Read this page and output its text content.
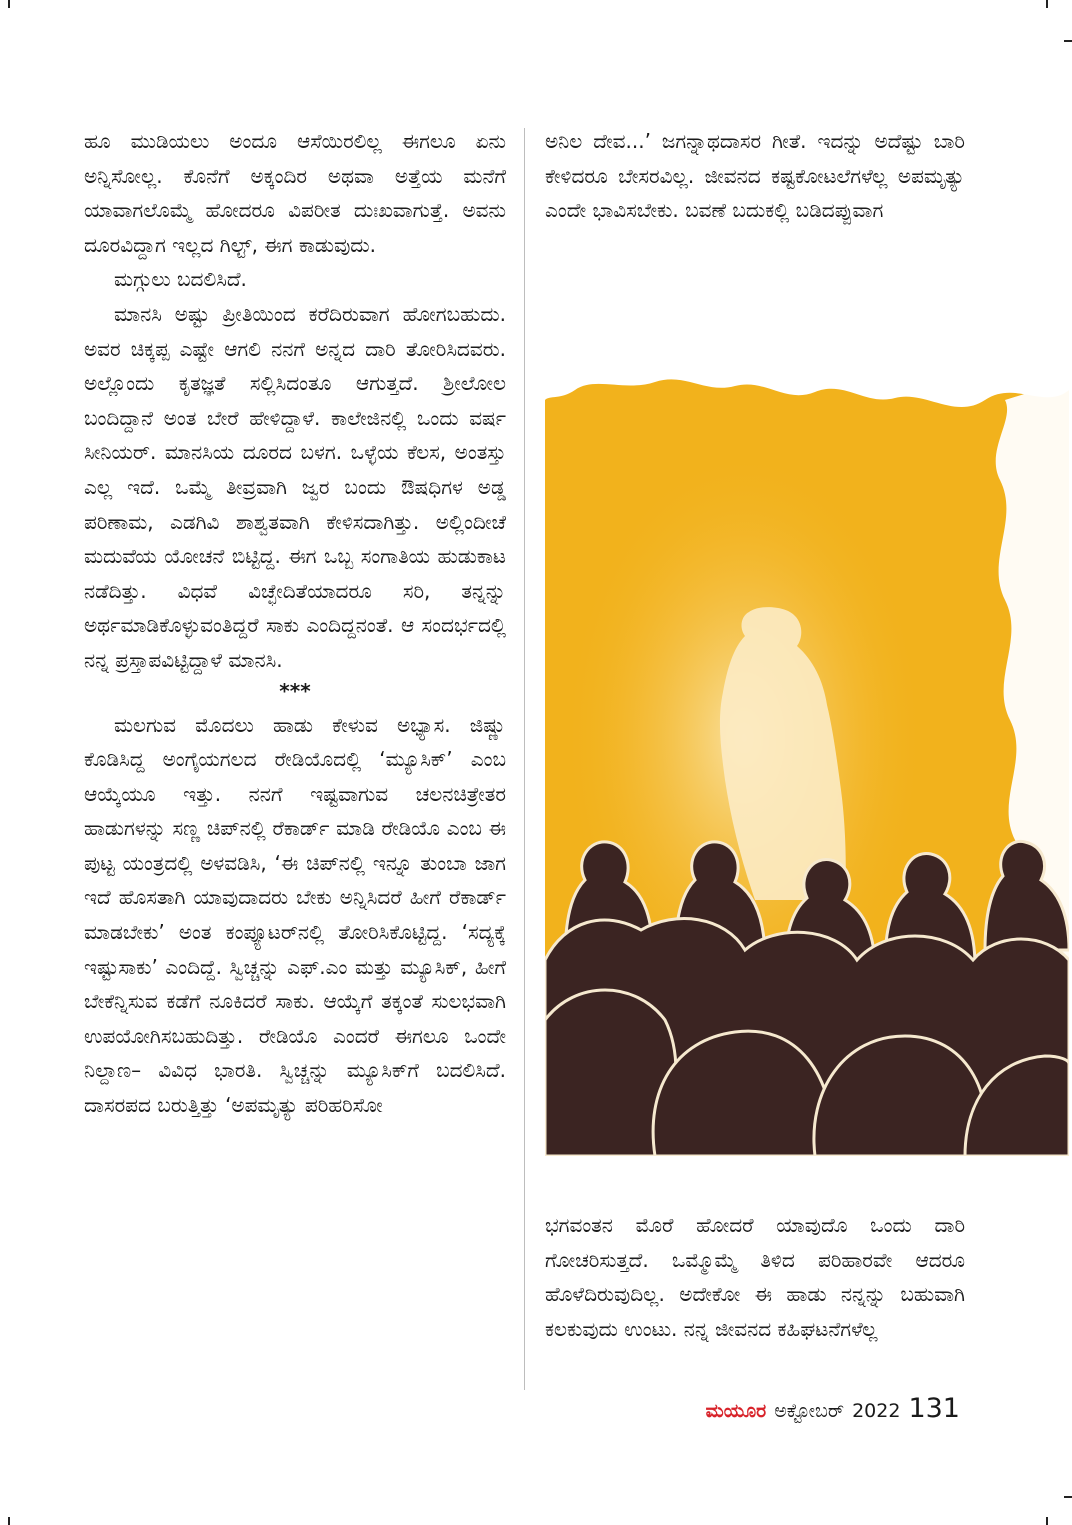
ಹೂ ಮುಡಿಯಲು ಅಂದೂ ಆಸೆಯಿರಲಿಲ್ಲ ಈಗಲೂ ಏನು ಅನ್ನಿಸೋಲ್ಲ. ಕೊನೆಗೆ ಅಕ್ಕಂದಿರ ಅಥವಾ ಅತ್ತೆಯ ಮನೆಗೆ ಯಾವಾಗಲೊಮ್ಮೆ ಹೋದರೂ ವಿಪರೀತ ದುಃಖವಾಗುತ್ತೆ. ಅವನು ದೂರವಿದ್ದಾಗ ಇಲ್ಲದ ಗಿಲ್ಟ್, ಈಗ ಕಾಡುವುದು.

ಮಗ್ಗುಲು ಬದಲಿಸಿದೆ.

ಮಾನಸಿ ಅಷ್ಟು ಪ್ರೀತಿಯಿಂದ ಕರೆದಿರುವಾಗ ಹೋಗಬಹುದು. ಅವರ ಚಿಕ್ಕಪ್ಪ ಎಷ್ಟೇ ಆಗಲಿ ನನಗೆ ಅನ್ನದ ದಾರಿ ತೋರಿಸಿದವರು. ಅಲ್ಲೊಂದು ಕೃತಜ್ಞತೆ ಸಲ್ಲಿಸಿದಂತೂ ಆಗುತ್ತದೆ. ಶ್ರೀಲೋಲ ಬಂದಿದ್ದಾನೆ ಅಂತ ಬೇರೆ ಹೇಳಿದ್ದಾಳೆ. ಕಾಲೇಜಿನಲ್ಲಿ ಒಂದು ವರ್ಷ ಸೀನಿಯರ್. ಮಾನಸಿಯ ದೂರದ ಬಳಗ. ಒಳ್ಳೆಯ ಕೆಲಸ, ಅಂತಸ್ತು ಎಲ್ಲ ಇದೆ. ಒಮ್ಮೆ ತೀವ್ರವಾಗಿ ಜ್ವರ ಬಂದು ಔಷಧಿಗಳ ಅಡ್ಡ ಪರಿಣಾಮ, ಎಡಗಿವಿ ಶಾಶ್ವತವಾಗಿ ಕೇಳಿಸದಾಗಿತ್ತು. ಅಲ್ಲಿಂದೀಚೆ ಮದುವೆಯ ಯೋಚನೆ ಬಿಟ್ಟಿದ್ದ. ಈಗ ಒಬ್ಬ ಸಂಗಾತಿಯ ಹುಡುಕಾಟ ನಡೆದಿತ್ತು. ವಿಧವೆ ವಿಚ್ಛೇದಿತೆಯಾದರೂ ಸರಿ, ತನ್ನನ್ನು ಅರ್ಥಮಾಡಿಕೊಳ್ಳುವಂತಿದ್ದರೆ ಸಾಕು ಎಂದಿದ್ದನಂತೆ. ಆ ಸಂದರ್ಭದಲ್ಲಿ ನನ್ನ ಪ್ರಸ್ತಾಪವಿಟ್ಟಿದ್ದಾಳೆ ಮಾನಸಿ.

***

ಮಲಗುವ ಮೊದಲು ಹಾಡು ಕೇಳುವ ಅಭ್ಯಾಸ. ಜಿಷ್ಣು ಕೊಡಿಸಿದ್ದ ಅಂಗೈಯಗಲದ ರೇಡಿಯೊದಲ್ಲಿ ‘ಮ್ಯೂಸಿಕ್’ ಎಂಬ ಆಯ್ಕೆಯೂ ಇತ್ತು. ನನಗೆ ಇಷ್ಟವಾಗುವ ಚಲನಚಿತ್ರೇತರ ಹಾಡುಗಳನ್ನು ಸಣ್ಣ ಚಿಪ್‌ನಲ್ಲಿ ರೆಕಾರ್ಡ್ ಮಾಡಿ ರೇಡಿಯೊ ಎಂಬ ಈ ಪುಟ್ಟ ಯಂತ್ರದಲ್ಲಿ ಅಳವಡಿಸಿ, ‘ಈ ಚಿಪ್‌ನಲ್ಲಿ ಇನ್ನೂ ತುಂಬಾ ಜಾಗ ಇದೆ ಹೊಸತಾಗಿ ಯಾವುದಾದರು ಬೇಕು ಅನ್ನಿಸಿದರೆ ಹೀಗೆ ರೆಕಾರ್ಡ್ ಮಾಡಬೇಕು’ ಅಂತ ಕಂಪ್ಯೂಟರ್‌ನಲ್ಲಿ ತೋರಿಸಿಕೊಟ್ಟಿದ್ದ. ‘ಸದ್ಯಕ್ಕೆ ಇಷ್ಟುಸಾಕು’ ಎಂದಿದ್ದೆ. ಸ್ವಿಚ್ಚನ್ನು ಎಫ್.ಎಂ ಮತ್ತು ಮ್ಯೂಸಿಕ್, ಹೀಗೆ ಬೇಕೆನ್ನಿಸುವ ಕಡೆಗೆ ನೂಕಿದರೆ ಸಾಕು. ಆಯ್ಕೆಗೆ ತಕ್ಕಂತೆ ಸುಲಭವಾಗಿ ಉಪಯೋಗಿಸಬಹುದಿತ್ತು. ರೇಡಿಯೊ ಎಂದರೆ ಈಗಲೂ ಒಂದೇ ನಿಲ್ದಾಣ– ವಿವಿಧ ಭಾರತಿ. ಸ್ವಿಚ್ಚನ್ನು ಮ್ಯೂಸಿಕ್‌ಗೆ ಬದಲಿಸಿದೆ. ದಾಸರಪದ ಬರುತ್ತಿತ್ತು ‘ಅಪಮೃತ್ಯು ಪರಿಹರಿಸೋ

ಅನಿಲ ದೇವ...’ ಜಗನ್ನಾಥದಾಸರ ಗೀತೆ. ಇದನ್ನು ಅದೆಷ್ಟು ಬಾರಿ ಕೇಳಿದರೂ ಬೇಸರವಿಲ್ಲ. ಜೀವನದ ಕಷ್ಟಕೋಟಲೆಗಳೆಲ್ಲ ಅಪಮೃತ್ಯು ಎಂದೇ ಭಾವಿಸಬೇಕು. ಬವಣೆ ಬದುಕಲ್ಲಿ ಬಡಿದಪ್ಪುವಾಗ

ಭಗವಂತನ ಮೊರೆ ಹೋದರೆ ಯಾವುದೊ ಒಂದು ದಾರಿ ಗೋಚರಿಸುತ್ತದೆ. ಒಮ್ಮೊಮ್ಮೆ ತಿಳಿದ ಪರಿಹಾರವೇ ಆದರೂ ಹೊಳೆದಿರುವುದಿಲ್ಲ. ಅದೇಕೋ ಈ ಹಾಡು ನನ್ನನ್ನು ಬಹುವಾಗಿ ಕಲಕುವುದು ಉಂಟು. ನನ್ನ ಜೀವನದ ಕಹಿಘಟನೆಗಳೆಲ್ಲ

ಮಯೂರ ಅಕ್ಟೋಬರ್ 2022 131
